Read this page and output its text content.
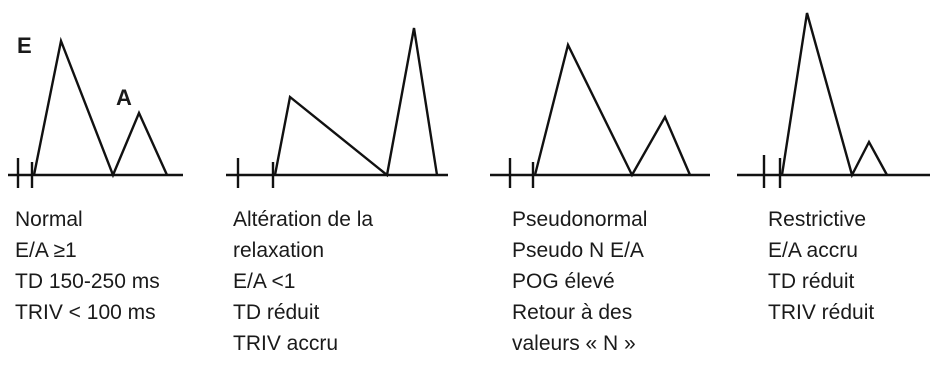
E
A
Normal
E/A ≥1
TD 150-250 ms
TRIV < 100 ms
Altération de la
relaxation
E/A <1
TD réduit
TRIV accru
Pseudonormal
Pseudo N E/A
POG élevé
Retour à des
valeurs « N »
Restrictive
E/A accru
TD réduit
TRIV réduit
